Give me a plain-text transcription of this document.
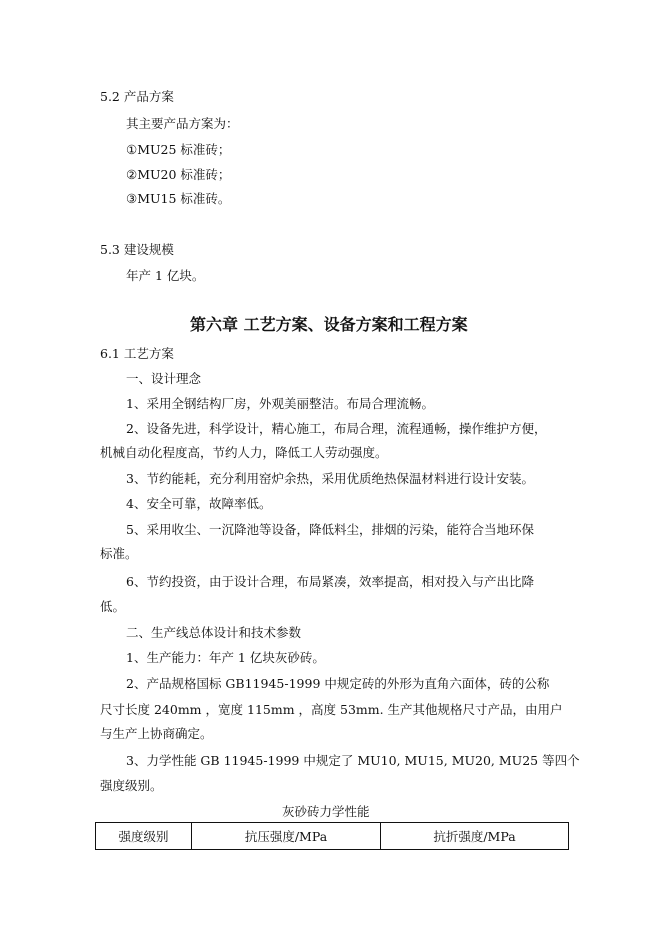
5.2 产品方案
其主要产品方案为：
①MU25 标准砖；
②MU20 标准砖；
③MU15 标准砖。
5.3 建设规模
年产 1 亿块。
第六章 工艺方案、设备方案和工程方案
6.1 工艺方案
一、设计理念
1、采用全钢结构厂房，外观美丽整洁。布局合理流畅。
2、设备先进，科学设计，精心施工，布局合理，流程通畅，操作维护方便，
机械自动化程度高，节约人力，降低工人劳动强度。
3、节约能耗，充分利用窑炉余热，采用优质绝热保温材料进行设计安装。
4、安全可靠，故障率低。
5、采用收尘、一沉降池等设备，降低料尘，排烟的污染，能符合当地环保
标准。
6、节约投资，由于设计合理，布局紧凑，效率提高，相对投入与产出比降
低。
二、生产线总体设计和技术参数
1、生产能力：年产 1 亿块灰砂砖。
2、产品规格国标 GB11945-1999 中规定砖的外形为直角六面体，砖的公称
尺寸长度 240mm ，宽度 115mm ，高度 53mm. 生产其他规格尺寸产品，由用户
与生产上协商确定。
3、力学性能 GB 11945-1999 中规定了 MU10, MU15, MU20, MU25 等四个
强度级别。
灰砂砖力学性能
强度级别	抗压强度/MPa	抗折强度/MPa
